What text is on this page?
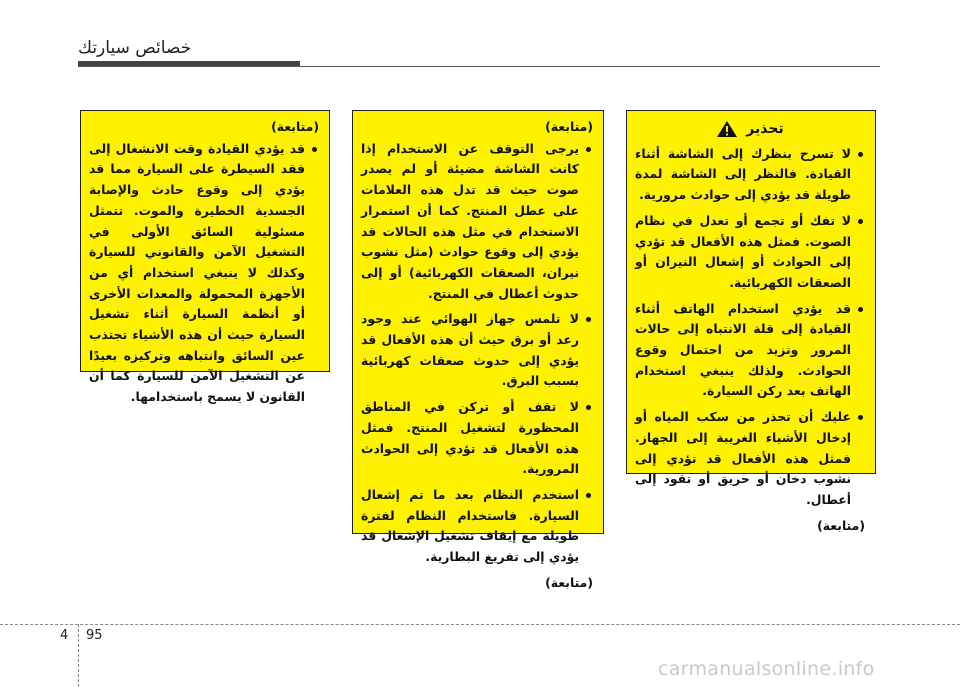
خصائص سيارتك
تحذير
لا تسرح بنظرك إلى الشاشة أثناء القيادة. فالنظر إلى الشاشة لمدة طويلة قد يؤدي إلى حوادث مرورية.
لا تفك أو تجمع أو تعدل في نظام الصوت. فمثل هذه الأفعال قد تؤدي إلى الحوادث أو إشعال النيران أو الصعقات الكهربائية.
قد يؤدي استخدام الهاتف أثناء القيادة إلى قلة الانتباه إلى حالات المرور وتزيد من احتمال وقوع الحوادث. ولذلك ينبغي استخدام الهاتف بعد ركن السيارة.
عليك أن تحذر من سكب المياه أو إدخال الأشياء الغريبة إلى الجهاز. فمثل هذه الأفعال قد تؤدي إلى نشوب دخان أو حريق أو تقود إلى أعطال.
(متابعة)
(متابعة)
يرجى التوقف عن الاستخدام إذا كانت الشاشة مضيئة أو لم يصدر صوت حيث قد تدل هذه العلامات على عطل المنتج. كما أن استمرار الاستخدام في مثل هذه الحالات قد يؤدي إلى وقوع حوادث (مثل نشوب نيران، الصعقات الكهربائية) أو إلى حدوث أعطال في المنتج.
لا تلمس جهاز الهوائي عند وجود رعد أو برق حيث أن هذه الأفعال قد يؤدي إلى حدوث صعقات كهربائية بسبب البرق.
لا تقف أو تركن في المناطق المحظورة لتشغيل المنتج. فمثل هذه الأفعال قد تؤدي إلى الحوادث المرورية.
استخدم النظام بعد ما تم إشعال السيارة. فاستخدام النظام لفترة طويلة مع إيقاف تشغيل الإشعال قد يؤدي إلى تفريغ البطارية.
(متابعة)
(متابعة)
قد يؤدي القيادة وقت الانشغال إلى فقد السيطرة على السيارة مما قد يؤدي إلى وقوع حادث والإصابة الجسدية الخطيرة والموت. تتمثل مسئولية السائق الأولى في التشغيل الآمن والقانوني للسيارة وكذلك لا ينبغي استخدام أي من الأجهزة المحمولة والمعدات الأخرى أو أنظمة السيارة أثناء تشغيل السيارة حيث أن هذه الأشياء تجتذب عين السائق وانتباهه وتركيزه بعيدًا عن التشغيل الآمن للسيارة كما أن القانون لا يسمح باستخدامها.
4 95
carmanualsonline.info
